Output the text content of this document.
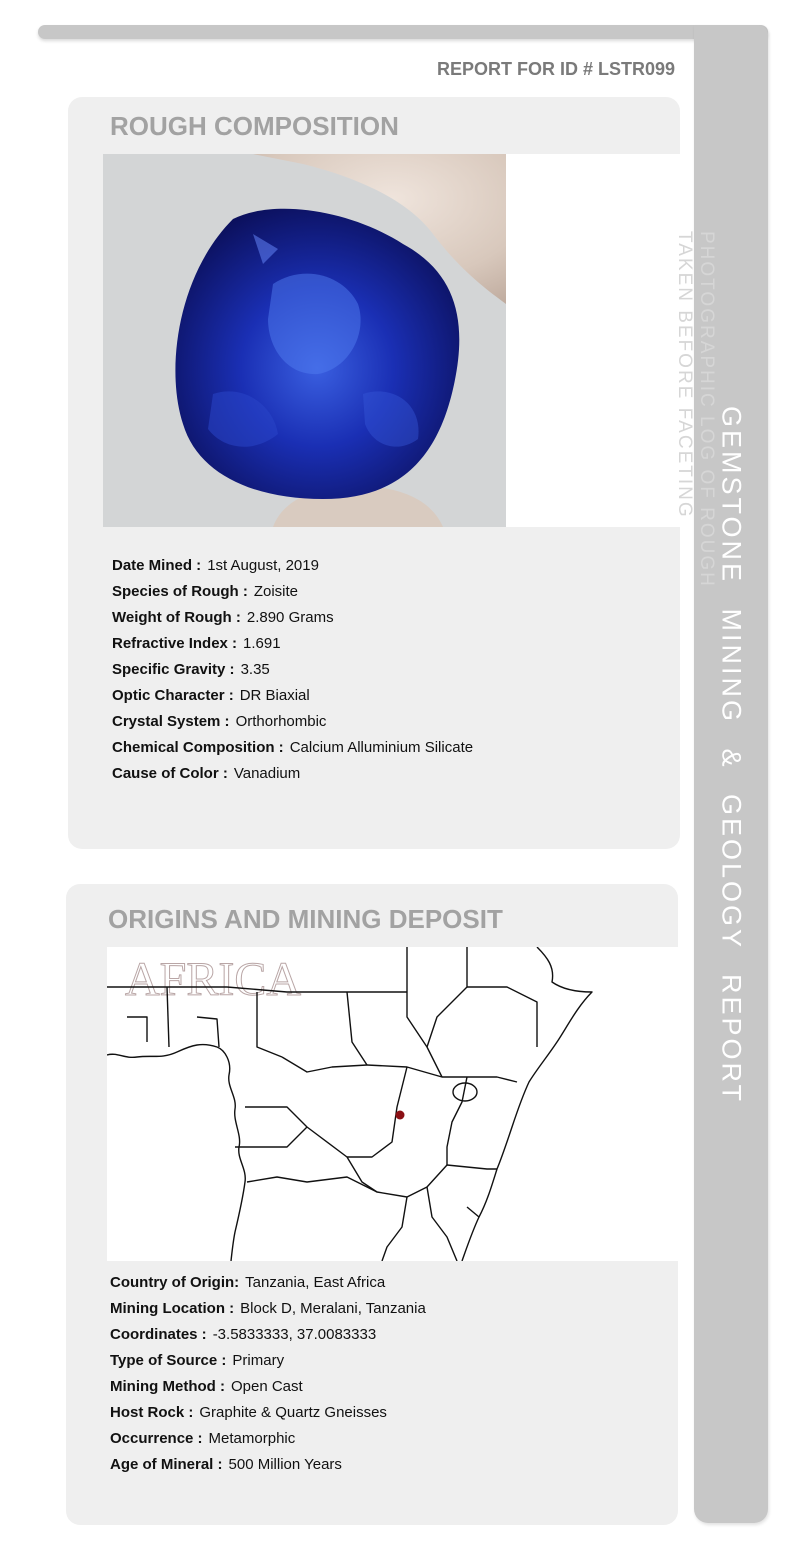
GEMSTONE MINING & GEOLOGY REPORT
REPORT FOR ID # LSTR099
ROUGH COMPOSITION
PHOTOGRAPHIC LOG OF ROUGH
TAKEN BEFORE FACETING
Date Mined : 1st August, 2019
Species of Rough : Zoisite
Weight of Rough : 2.890 Grams
Refractive Index : 1.691
Specific Gravity : 3.35
Optic Character : DR Biaxial
Crystal System : Orthorhombic
Chemical Composition : Calcium Alluminium Silicate
Cause of Color : Vanadium
ORIGINS AND MINING DEPOSIT
AFRICA
Country of Origin: Tanzania, East Africa
Mining Location : Block D, Meralani, Tanzania
Coordinates : -3.5833333, 37.0083333
Type of Source : Primary
Mining Method : Open Cast
Host Rock : Graphite & Quartz Gneisses
Occurrence : Metamorphic
Age of Mineral : 500 Million Years
